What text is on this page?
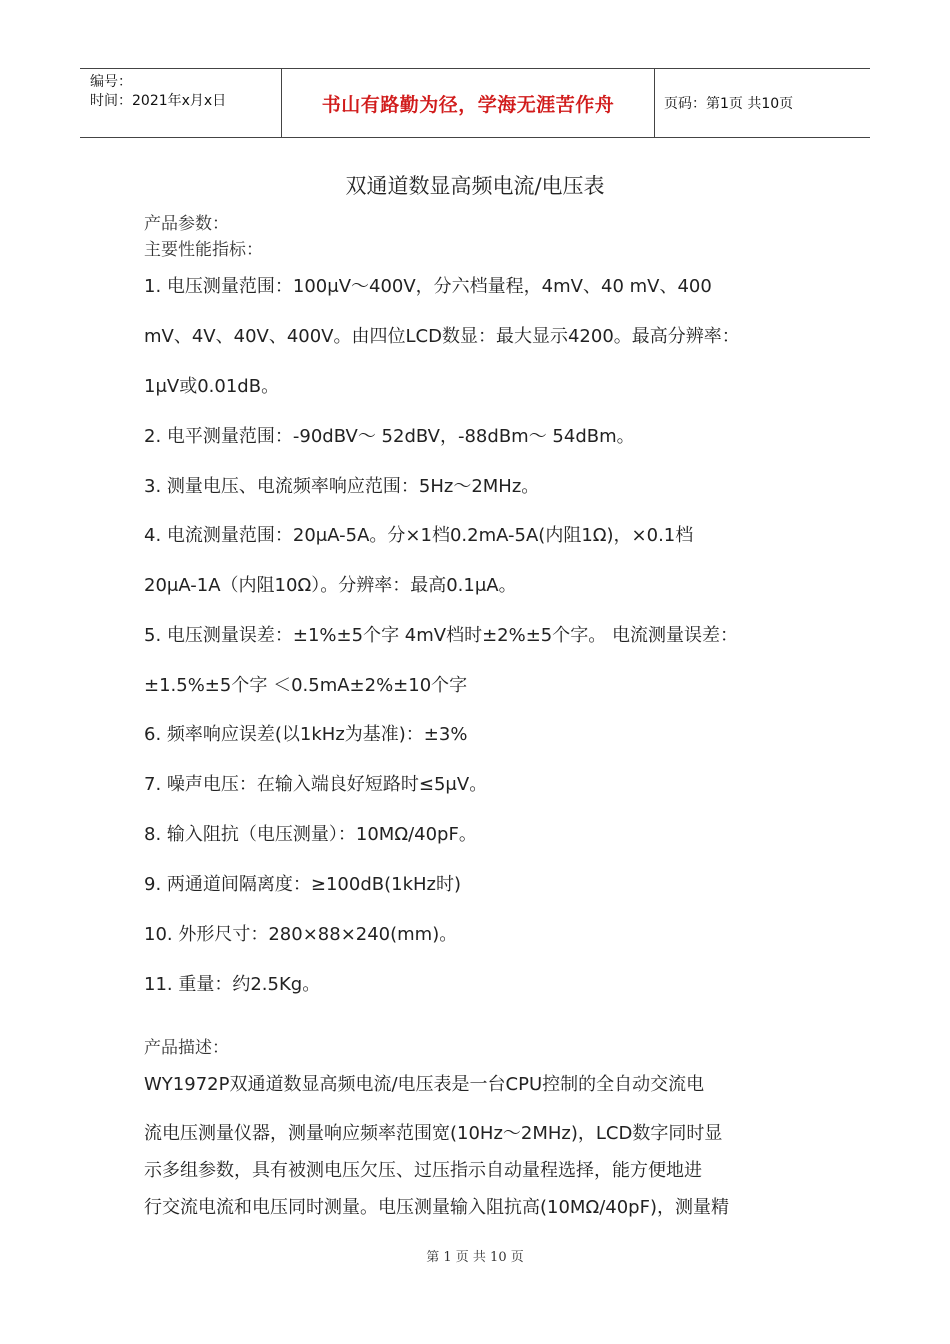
编号：
时间：2021年x月x日	书山有路勤为径，学海无涯苦作舟	页码：第1页 共10页
双通道数显高频电流/电压表
产品参数：
主要性能指标：
1. 电压测量范围：100μV～400V，分六档量程，4mV、40 mV、400
mV、4V、40V、400V。由四位LCD数显：最大显示4200。最高分辨率：
1μV或0.01dB。
2. 电平测量范围：-90dBV～ 52dBV，-88dBm～ 54dBm。
3. 测量电压、电流频率响应范围：5Hz～2MHz。
4. 电流测量范围：20μA-5A。分×1档0.2mA-5A(内阻1Ω)，×0.1档
20μA-1A（内阻10Ω）。分辨率：最高0.1μA。
5. 电压测量误差：±1%±5个字 4mV档时±2%±5个字。 电流测量误差：
±1.5%±5个字 ＜0.5mA±2%±10个字
6. 频率响应误差(以1kHz为基准)：±3%
7. 噪声电压：在输入端良好短路时≤5μV。
8. 输入阻抗（电压测量）：10MΩ/40pF。
9. 两通道间隔离度：≥100dB(1kHz时)
10. 外形尺寸：280×88×240(mm)。
11. 重量：约2.5Kg。
产品描述：
WY1972P双通道数显高频电流/电压表是一台CPU控制的全自动交流电
流电压测量仪器，测量响应频率范围宽(10Hz～2MHz)，LCD数字同时显
示多组参数，具有被测电压欠压、过压指示自动量程选择，能方便地进
行交流电流和电压同时测量。电压测量输入阻抗高(10MΩ/40pF)，测量精
第 1 页 共 10 页
